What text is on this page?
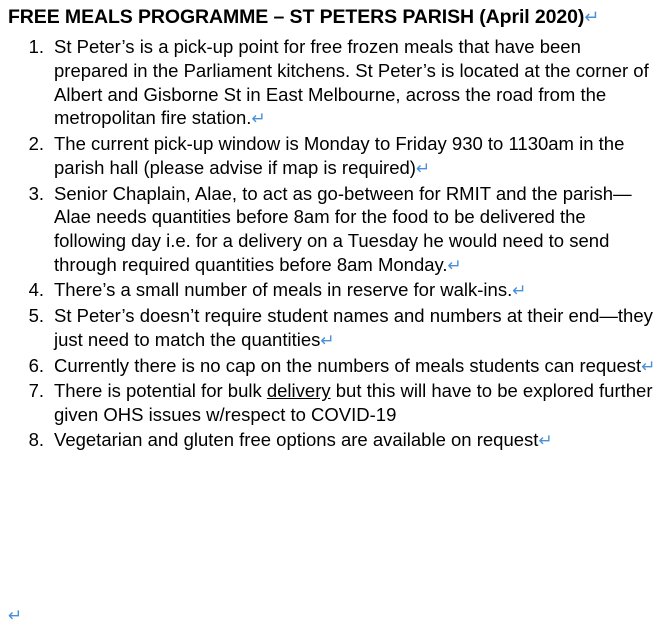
FREE MEALS PROGRAMME – ST PETERS PARISH (April 2020)↵
1. St Peter’s is a pick-up point for free frozen meals that have been prepared in the Parliament kitchens. St Peter’s is located at the corner of Albert and Gisborne St in East Melbourne, across the road from the metropolitan fire station.↵
2. The current pick-up window is Monday to Friday 930 to 1130am in the parish hall (please advise if map is required)↵
3. Senior Chaplain, Alae, to act as go-between for RMIT and the parish— Alae needs quantities before 8am for the food to be delivered the following day i.e. for a delivery on a Tuesday he would need to send through required quantities before 8am Monday.↵
4. There’s a small number of meals in reserve for walk-ins.↵
5. St Peter’s doesn’t require student names and numbers at their end—they just need to match the quantities↵
6. Currently there is no cap on the numbers of meals students can request↵
7. There is potential for bulk delivery but this will have to be explored further given OHS issues w/respect to COVID-19
8. Vegetarian and gluten free options are available on request↵
↵
